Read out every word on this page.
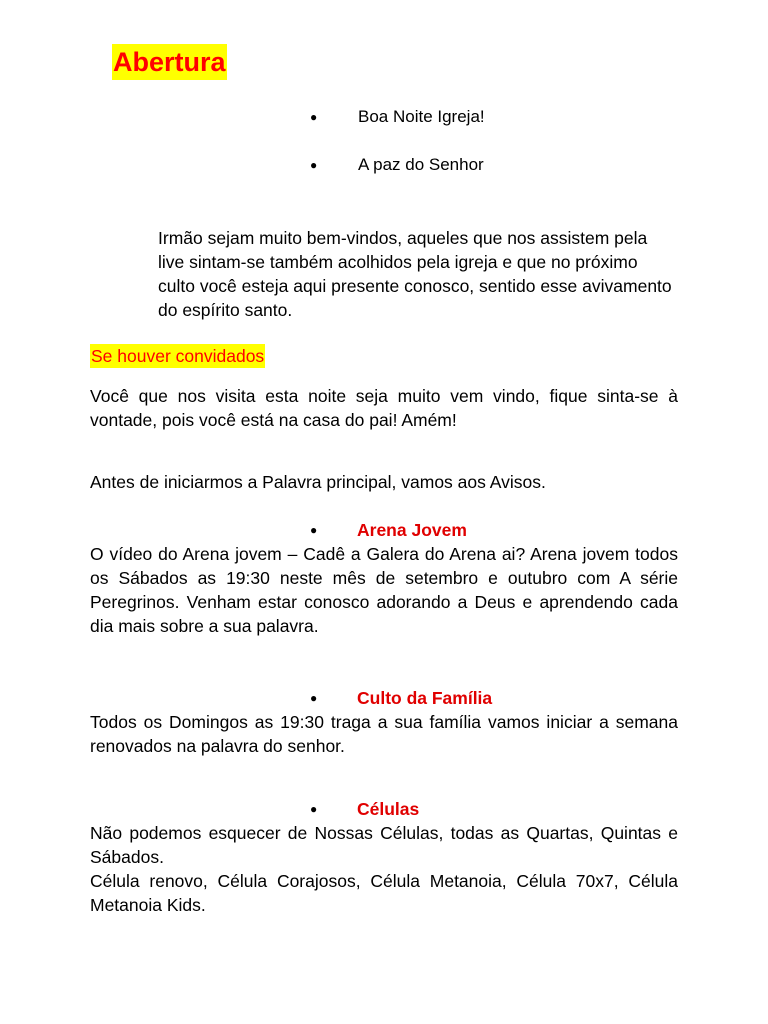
Abertura
●	Boa Noite Igreja!
●	A paz do Senhor
Irmão sejam muito bem-vindos, aqueles que nos assistem pela live sintam-se também acolhidos pela igreja e que no próximo culto você esteja aqui presente conosco, sentido esse avivamento do espírito santo.
Se houver convidados
Você que nos visita esta noite seja muito vem vindo, fique sinta-se à vontade, pois você está na casa do pai! Amém!
Antes de iniciarmos a Palavra principal, vamos aos Avisos.
●	Arena Jovem
O vídeo do Arena jovem – Cadê a Galera do Arena ai? Arena jovem todos os Sábados as 19:30 neste mês de setembro e outubro com A série Peregrinos. Venham estar conosco adorando a Deus e aprendendo cada dia mais sobre a sua palavra.
●	Culto da Família
Todos os Domingos as 19:30 traga a sua família vamos iniciar a semana renovados na palavra do senhor.
●	Células
Não podemos esquecer de Nossas Células, todas as Quartas, Quintas e Sábados.
Célula renovo, Célula Corajosos, Célula Metanoia, Célula 70x7, Célula Metanoia Kids.
